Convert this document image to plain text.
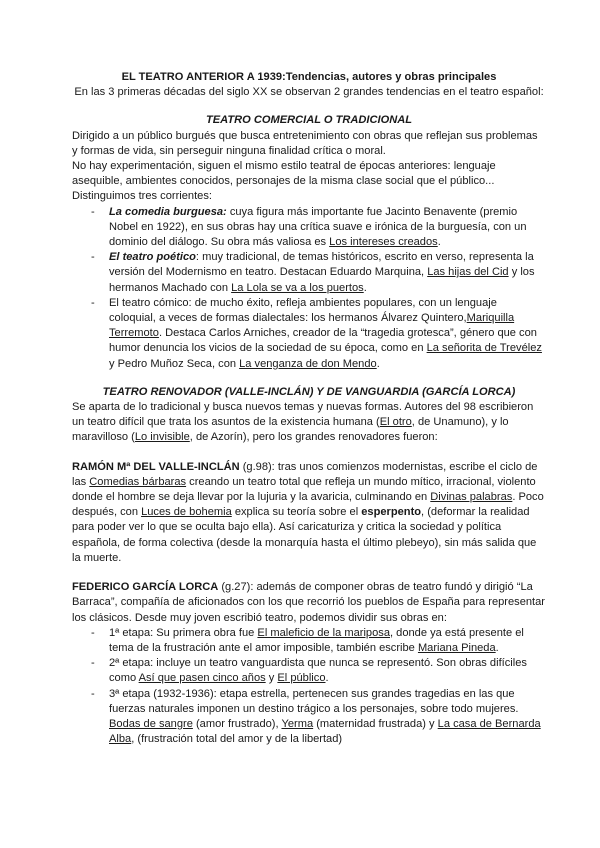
EL TEATRO ANTERIOR A 1939:Tendencias, autores y obras principales

En las 3 primeras décadas del siglo XX se observan 2 grandes tendencias en el teatro español:

TEATRO COMERCIAL O TRADICIONAL

Dirigido a un público burgués que busca entretenimiento con obras que reflejan sus problemas y formas de vida, sin perseguir ninguna finalidad crítica o moral.

No hay experimentación, siguen el mismo estilo teatral de épocas anteriores: lenguaje asequible, ambientes conocidos, personajes de la misma clase social que el público...

Distinguimos tres corrientes:

- La comedia burguesa: cuya figura más importante fue Jacinto Benavente (premio Nobel en 1922), en sus obras hay una crítica suave e irónica de la burguesía, con un dominio del diálogo. Su obra más valiosa es Los intereses creados.
- El teatro poético: muy tradicional, de temas históricos, escrito en verso, representa la versión del Modernismo en teatro. Destacan Eduardo Marquina, Las hijas del Cid y los hermanos Machado con La Lola se va a los puertos.
- El teatro cómico: de mucho éxito, refleja ambientes populares, con un lenguaje coloquial, a veces de formas dialectales: los hermanos Álvarez Quintero,Mariquilla Terremoto. Destaca Carlos Arniches, creador de la “tragedia grotesca”, género que con humor denuncia los vicios de la sociedad de su época, como en La señorita de Trevélez y Pedro Muñoz Seca, con La venganza de don Mendo.

TEATRO RENOVADOR (VALLE-INCLÁN) Y DE VANGUARDIA (GARCÍA LORCA)

Se aparta de lo tradicional y busca nuevos temas y nuevas formas. Autores del 98 escribieron un teatro difícil que trata los asuntos de la existencia humana (El otro, de Unamuno), y lo maravilloso (Lo invisible, de Azorín), pero los grandes renovadores fueron:

RAMÓN Mª DEL VALLE-INCLÁN (g.98): tras unos comienzos modernistas, escribe el ciclo de las Comedias bárbaras creando un teatro total que refleja un mundo mítico, irracional, violento donde el hombre se deja llevar por la lujuria y la avaricia, culminando en Divinas palabras. Poco después, con Luces de bohemia explica su teoría sobre el esperpento, (deformar la realidad para poder ver lo que se oculta bajo ella). Así caricaturiza y critica la sociedad y política española, de forma colectiva (desde la monarquía hasta el último plebeyo), sin más salida que la muerte.

FEDERICO GARCÍA LORCA (g.27): además de componer obras de teatro fundó y dirigió “La Barraca”, compañía de aficionados con los que recorrió los pueblos de España para representar los clásicos. Desde muy joven escribió teatro, podemos dividir sus obras en:

- 1ª etapa: Su primera obra fue El maleficio de la mariposa, donde ya está presente el tema de la frustración ante el amor imposible, también escribe Mariana Pineda.
- 2ª etapa: incluye un teatro vanguardista que nunca se representó. Son obras difíciles como Así que pasen cinco años y El público.
- 3ª etapa (1932-1936): etapa estrella, pertenecen sus grandes tragedias en las que fuerzas naturales imponen un destino trágico a los personajes, sobre todo mujeres. Bodas de sangre (amor frustrado), Yerma (maternidad frustrada) y La casa de Bernarda Alba, (frustración total del amor y de la libertad)
